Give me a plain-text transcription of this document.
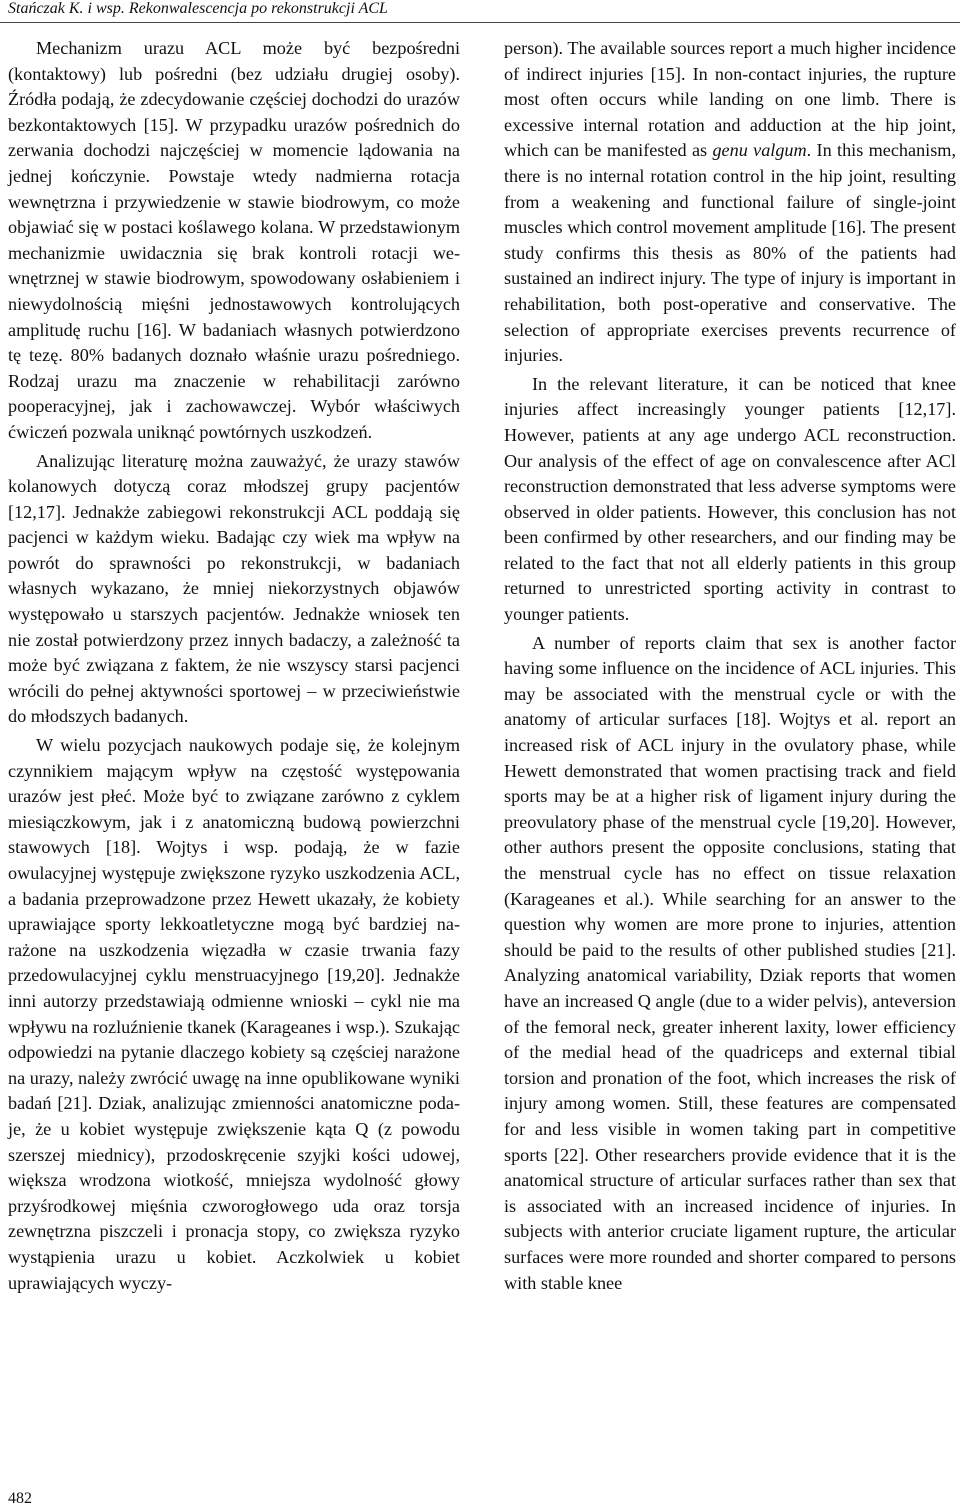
Stańczak K. i wsp. Rekonwalescencja po rekonstrukcji ACL

Mechanizm urazu ACL może być bezpośredni (kontaktowy) lub pośredni (bez udziału drugiej osoby). Źródła podają, że zdecydowanie częściej dochodzi do urazów bezkontaktowych [15]. W przypadku urazów pośrednich do zerwania dochodzi najczęściej w momencie lądowania na jednej kończynie. Powstaje wtedy nadmierna rotacja wewnętrzna i przywiedzenie w stawie biodrowym, co może objawiać się w postaci koślawego kolana. W przedstawionym mechanizmie uwidacznia się brak kontroli rotacji wewnętrznej w stawie biodrowym, spowodowany osłabieniem i niewydolnością mięśni jednostawowych kontrolujących amplitudę ruchu [16]. W badaniach własnych potwierdzono tę tezę. 80% badanych doznało właśnie urazu pośredniego. Rodzaj urazu ma znaczenie w rehabilitacji zarówno pooperacyjnej, jak i zachowawczej. Wybór właściwych ćwiczeń pozwala uniknąć powtórnych uszkodzeń.

Analizując literaturę można zauważyć, że urazy stawów kolanowych dotyczą coraz młodszej grupy pacjentów [12,17]. Jednakże zabiegowi rekonstrukcji ACL poddają się pacjenci w każdym wieku. Badając czy wiek ma wpływ na powrót do sprawności po rekonstrukcji, w badaniach własnych wykazano, że mniej niekorzystnych objawów występowało u starszych pacjentów. Jednakże wniosek ten nie został potwierdzony przez innych badaczy, a zależność ta może być związana z faktem, że nie wszyscy starsi pacjenci wrócili do pełnej aktywności sportowej – w przeciwieństwie do młodszych badanych.

W wielu pozycjach naukowych podaje się, że kolejnym czynnikiem mającym wpływ na częstość występowania urazów jest płeć. Może być to związane zarówno z cyklem miesiączkowym, jak i z anatomiczną budową powierzchni stawowych [18]. Wojtys i wsp. podają, że w fazie owulacyjnej występuje zwiększone ryzyko uszkodzenia ACL, a badania przeprowadzone przez Hewett ukazały, że kobiety uprawiające sporty lekkoatletyczne mogą być bardziej narażone na uszkodzenia więzadła w czasie trwania fazy przedowulacyjnej cyklu menstruacyjnego [19,20]. Jednakże inni autorzy przedstawiają odmienne wnioski – cykl nie ma wpływu na rozluźnienie tkanek (Karageanes i wsp.). Szukając odpowiedzi na pytanie dlaczego kobiety są częściej narażone na urazy, należy zwrócić uwagę na inne opublikowane wyniki badań [21]. Dziak, analizując zmienności anatomiczne podaje, że u kobiet występuje zwiększenie kąta Q (z powodu szerszej miednicy), przodoskręcenie szyjki kości udowej, większa wrodzona wiotkość, mniejsza wydolność głowy przyśrodkowej mięśnia czworogłowego uda oraz torsja zewnętrzna piszczeli i pronacja stopy, co zwiększa ryzyko wystąpienia urazu u kobiet. Aczkolwiek u kobiet uprawiających wyczy-

person). The available sources report a much higher incidence of indirect injuries [15]. In non-contact injuries, the rupture most often occurs while landing on one limb. There is excessive internal rotation and adduction at the hip joint, which can be manifested as genu valgum. In this mechanism, there is no internal rotation control in the hip joint, resulting from a weakening and functional failure of single-joint muscles which control movement amplitude [16]. The present study confirms this thesis as 80% of the patients had sustained an indirect injury. The type of injury is important in rehabilitation, both post-operative and conservative. The selection of appropriate exercises prevents recurrence of injuries.

In the relevant literature, it can be noticed that knee injuries affect increasingly younger patients [12,17]. However, patients at any age undergo ACL reconstruction. Our analysis of the effect of age on convalescence after ACl reconstruction demonstrated that less adverse symptoms were observed in older patients. However, this conclusion has not been confirmed by other researchers, and our finding may be related to the fact that not all elderly patients in this group returned to unrestricted sporting activity in contrast to younger patients.

A number of reports claim that sex is another factor having some influence on the incidence of ACL injuries. This may be associated with the menstrual cycle or with the anatomy of articular surfaces [18]. Wojtys et al. report an increased risk of ACL injury in the ovulatory phase, while Hewett demonstrated that women practising track and field sports may be at a higher risk of ligament injury during the preovulatory phase of the menstrual cycle [19,20]. However, other authors present the opposite conclusions, stating that the menstrual cycle has no effect on tissue relaxation (Karageanes et al.). While searching for an answer to the question why women are more prone to injuries, attention should be paid to the results of other published studies [21]. Analyzing anatomical variability, Dziak reports that women have an increased Q angle (due to a wider pelvis), anteversion of the femoral neck, greater inherent laxity, lower efficiency of the medial head of the quadriceps and external tibial torsion and pronation of the foot, which increases the risk of injury among women. Still, these features are compensated for and less visible in women taking part in competitive sports [22]. Other researchers provide evidence that it is the anatomical structure of articular surfaces rather than sex that is associated with an increased incidence of injuries. In subjects with anterior cruciate ligament rupture, the articular surfaces were more rounded and shorter compared to persons with stable knee

482
